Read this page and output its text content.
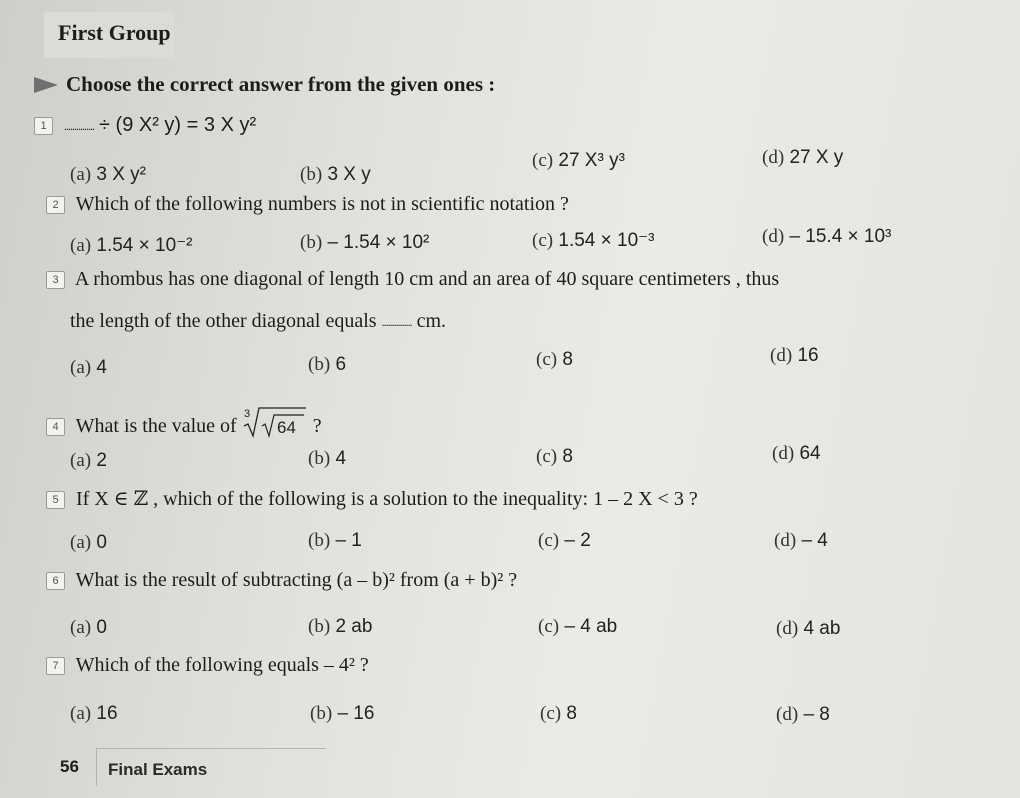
First Group
Choose the correct answer from the given ones :
1 ............... ÷ (9 X² y) = 3 X y²
(a) 3 X y²	(b) 3 X y
(c) 27 X³ y³	(d) 27 X y
2 Which of the following numbers is not in scientific notation ?
(a) 1.54 × 10⁻²	(b) – 1.54 × 10²	(c) 1.54 × 10⁻³	(d) – 15.4 × 10³
3 A rhombus has one diagonal of length 10 cm and an area of 40 square centimeters , thus
the length of the other diagonal equals ............... cm.
(a) 4	(b) 6	(c) 8	(d) 16
4 What is the value of
3
64 ?
(a) 2	(b) 4	(c) 8	(d) 64
5 If X ∈ ℤ , which of the following is a solution to the inequality: 1 – 2 X < 3 ?
(a) 0	(b) – 1	(c) – 2	(d) – 4
6 What is the result of subtracting (a – b)² from (a + b)² ?
(a) 0	(b) 2 ab	(c) – 4 ab	(d) 4 ab
7 Which of the following equals – 4² ?
(a) 16	(b) – 16	(c) 8	(d) – 8
56 Final Exams
